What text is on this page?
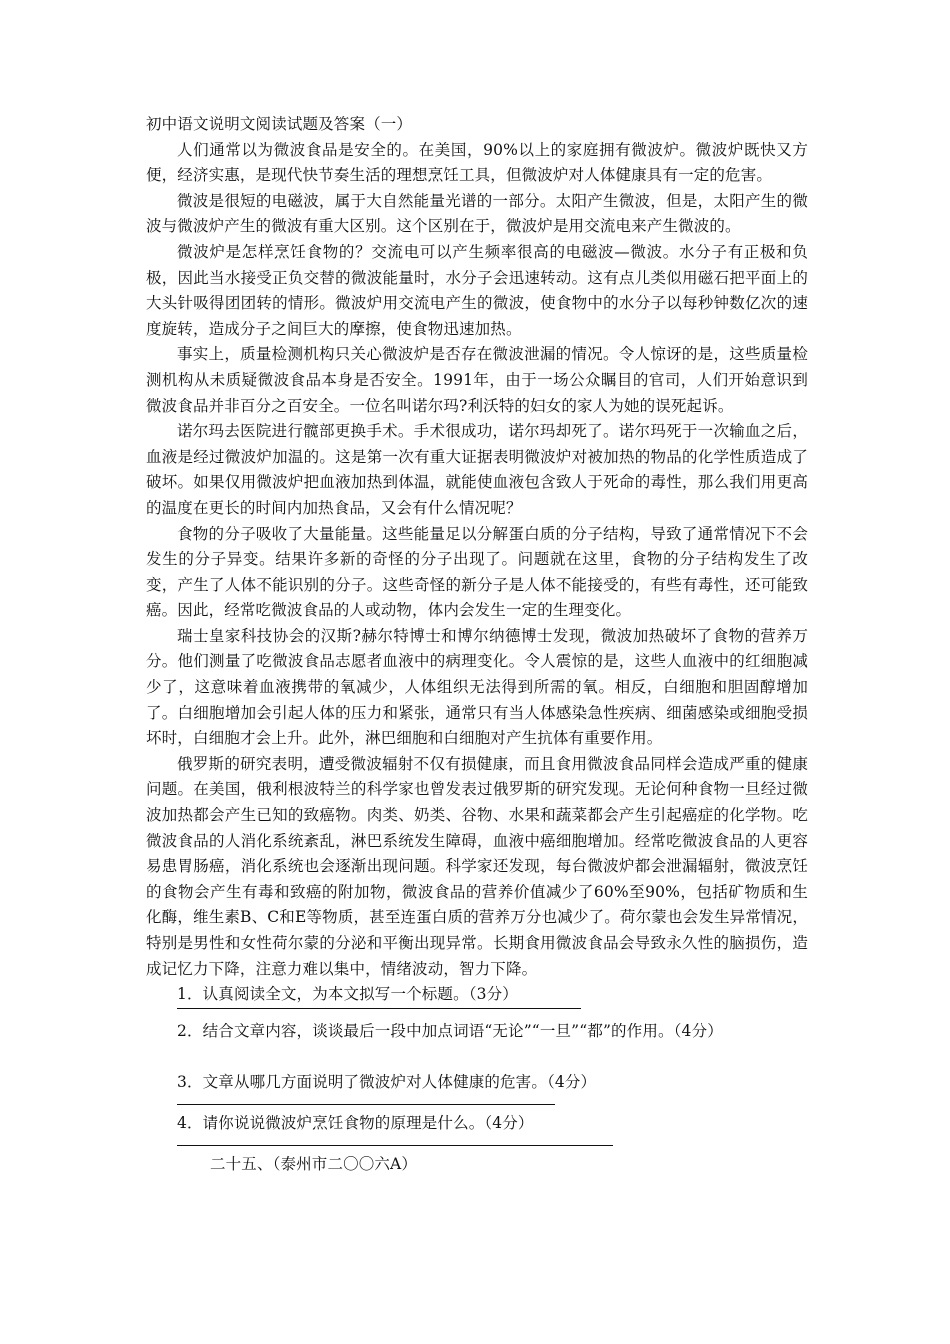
初中语文说明文阅读试题及答案（一）

人们通常以为微波食品是安全的。在美国，90%以上的家庭拥有微波炉。微波炉既快又方便，经济实惠，是现代快节奏生活的理想烹饪工具，但微波炉对人体健康具有一定的危害。

微波是很短的电磁波，属于大自然能量光谱的一部分。太阳产生微波，但是，太阳产生的微波与微波炉产生的微波有重大区别。这个区别在于，微波炉是用交流电来产生微波的。

微波炉是怎样烹饪食物的？交流电可以产生频率很高的电磁波—微波。水分子有正极和负极，因此当水接受正负交替的微波能量时，水分子会迅速转动。这有点儿类似用磁石把平面上的大头针吸得团团转的情形。微波炉用交流电产生的微波，使食物中的水分子以每秒钟数亿次的速度旋转，造成分子之间巨大的摩擦，使食物迅速加热。

事实上，质量检测机构只关心微波炉是否存在微波泄漏的情况。令人惊讶的是，这些质量检测机构从未质疑微波食品本身是否安全。1991年，由于一场公众瞩目的官司，人们开始意识到微波食品并非百分之百安全。一位名叫诺尔玛?利沃特的妇女的家人为她的误死起诉。

诺尔玛去医院进行髋部更换手术。手术很成功，诺尔玛却死了。诺尔玛死于一次输血之后，血液是经过微波炉加温的。这是第一次有重大证据表明微波炉对被加热的物品的化学性质造成了破坏。如果仅用微波炉把血液加热到体温，就能使血液包含致人于死命的毒性，那么我们用更高的温度在更长的时间内加热食品，又会有什么情况呢？

食物的分子吸收了大量能量。这些能量足以分解蛋白质的分子结构，导致了通常情况下不会发生的分子异变。结果许多新的奇怪的分子出现了。问题就在这里，食物的分子结构发生了改变，产生了人体不能识别的分子。这些奇怪的新分子是人体不能接受的，有些有毒性，还可能致癌。因此，经常吃微波食品的人或动物，体内会发生一定的生理变化。

瑞士皇家科技协会的汉斯?赫尔特博士和博尔纳德博士发现，微波加热破坏了食物的营养万分。他们测量了吃微波食品志愿者血液中的病理变化。令人震惊的是，这些人血液中的红细胞减少了，这意味着血液携带的氧减少，人体组织无法得到所需的氧。相反，白细胞和胆固醇增加了。白细胞增加会引起人体的压力和紧张，通常只有当人体感染急性疾病、细菌感染或细胞受损坏时，白细胞才会上升。此外，淋巴细胞和白细胞对产生抗体有重要作用。

俄罗斯的研究表明，遭受微波辐射不仅有损健康，而且食用微波食品同样会造成严重的健康问题。在美国，俄利根波特兰的科学家也曾发表过俄罗斯的研究发现。无论何种食物一旦经过微波加热都会产生已知的致癌物。肉类、奶类、谷物、水果和蔬菜都会产生引起癌症的化学物。吃微波食品的人消化系统紊乱，淋巴系统发生障碍，血液中癌细胞增加。经常吃微波食品的人更容易患胃肠癌，消化系统也会逐渐出现问题。科学家还发现，每台微波炉都会泄漏辐射，微波烹饪的食物会产生有毒和致癌的附加物，微波食品的营养价值减少了60%至90%，包括矿物质和生化酶，维生素B、C和E等物质，甚至连蛋白质的营养万分也减少了。荷尔蒙也会发生异常情况，特别是男性和女性荷尔蒙的分泌和平衡出现异常。长期食用微波食品会导致永久性的脑损伤，造成记忆力下降，注意力难以集中，情绪波动，智力下降。

1．认真阅读全文，为本文拟写一个标题。（3分）

2．结合文章内容，谈谈最后一段中加点词语“无论”“一旦”“都”的作用。（4分）

3．文章从哪几方面说明了微波炉对人体健康的危害。（4分）

4．请你说说微波炉烹饪食物的原理是什么。（4分）

二十五、（泰州市二〇〇六A）
